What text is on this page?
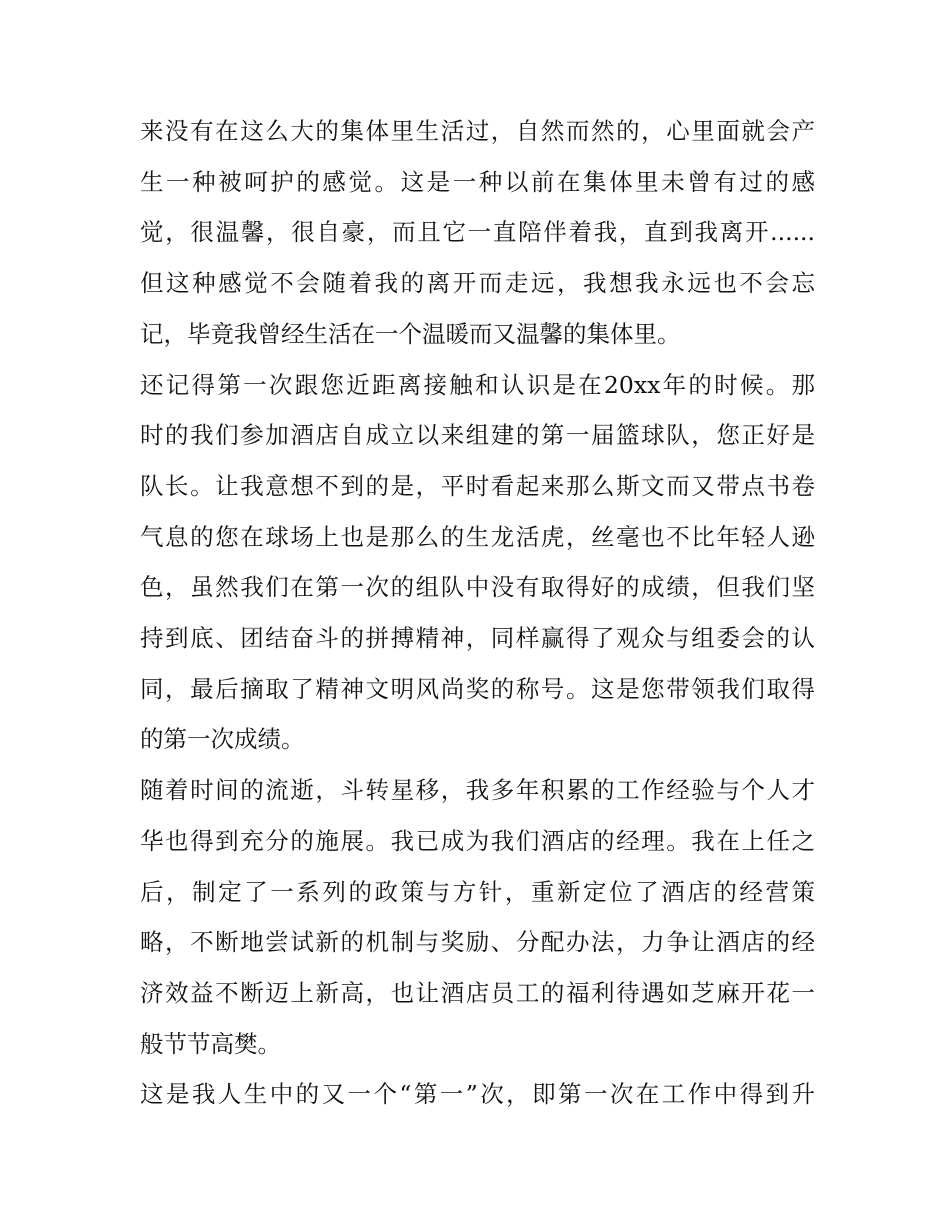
来没有在这么大的集体里生活过，自然而然的，心里面就会产
生一种被呵护的感觉。这是一种以前在集体里未曾有过的感
觉，很温馨，很自豪，而且它一直陪伴着我，直到我离开......
但这种感觉不会随着我的离开而走远，我想我永远也不会忘
记，毕竟我曾经生活在一个温暖而又温馨的集体里。
还记得第一次跟您近距离接触和认识是在20xx年的时候。那
时的我们参加酒店自成立以来组建的第一届篮球队，您正好是
队长。让我意想不到的是，平时看起来那么斯文而又带点书卷
气息的您在球场上也是那么的生龙活虎，丝毫也不比年轻人逊
色，虽然我们在第一次的组队中没有取得好的成绩，但我们坚
持到底、团结奋斗的拼搏精神，同样赢得了观众与组委会的认
同，最后摘取了精神文明风尚奖的称号。这是您带领我们取得
的第一次成绩。
随着时间的流逝，斗转星移，我多年积累的工作经验与个人才
华也得到充分的施展。我已成为我们酒店的经理。我在上任之
后，制定了一系列的政策与方针，重新定位了酒店的经营策
略，不断地尝试新的机制与奖励、分配办法，力争让酒店的经
济效益不断迈上新高，也让酒店员工的福利待遇如芝麻开花一
般节节高樊。
这是我人生中的又一个“第一”次，即第一次在工作中得到升
